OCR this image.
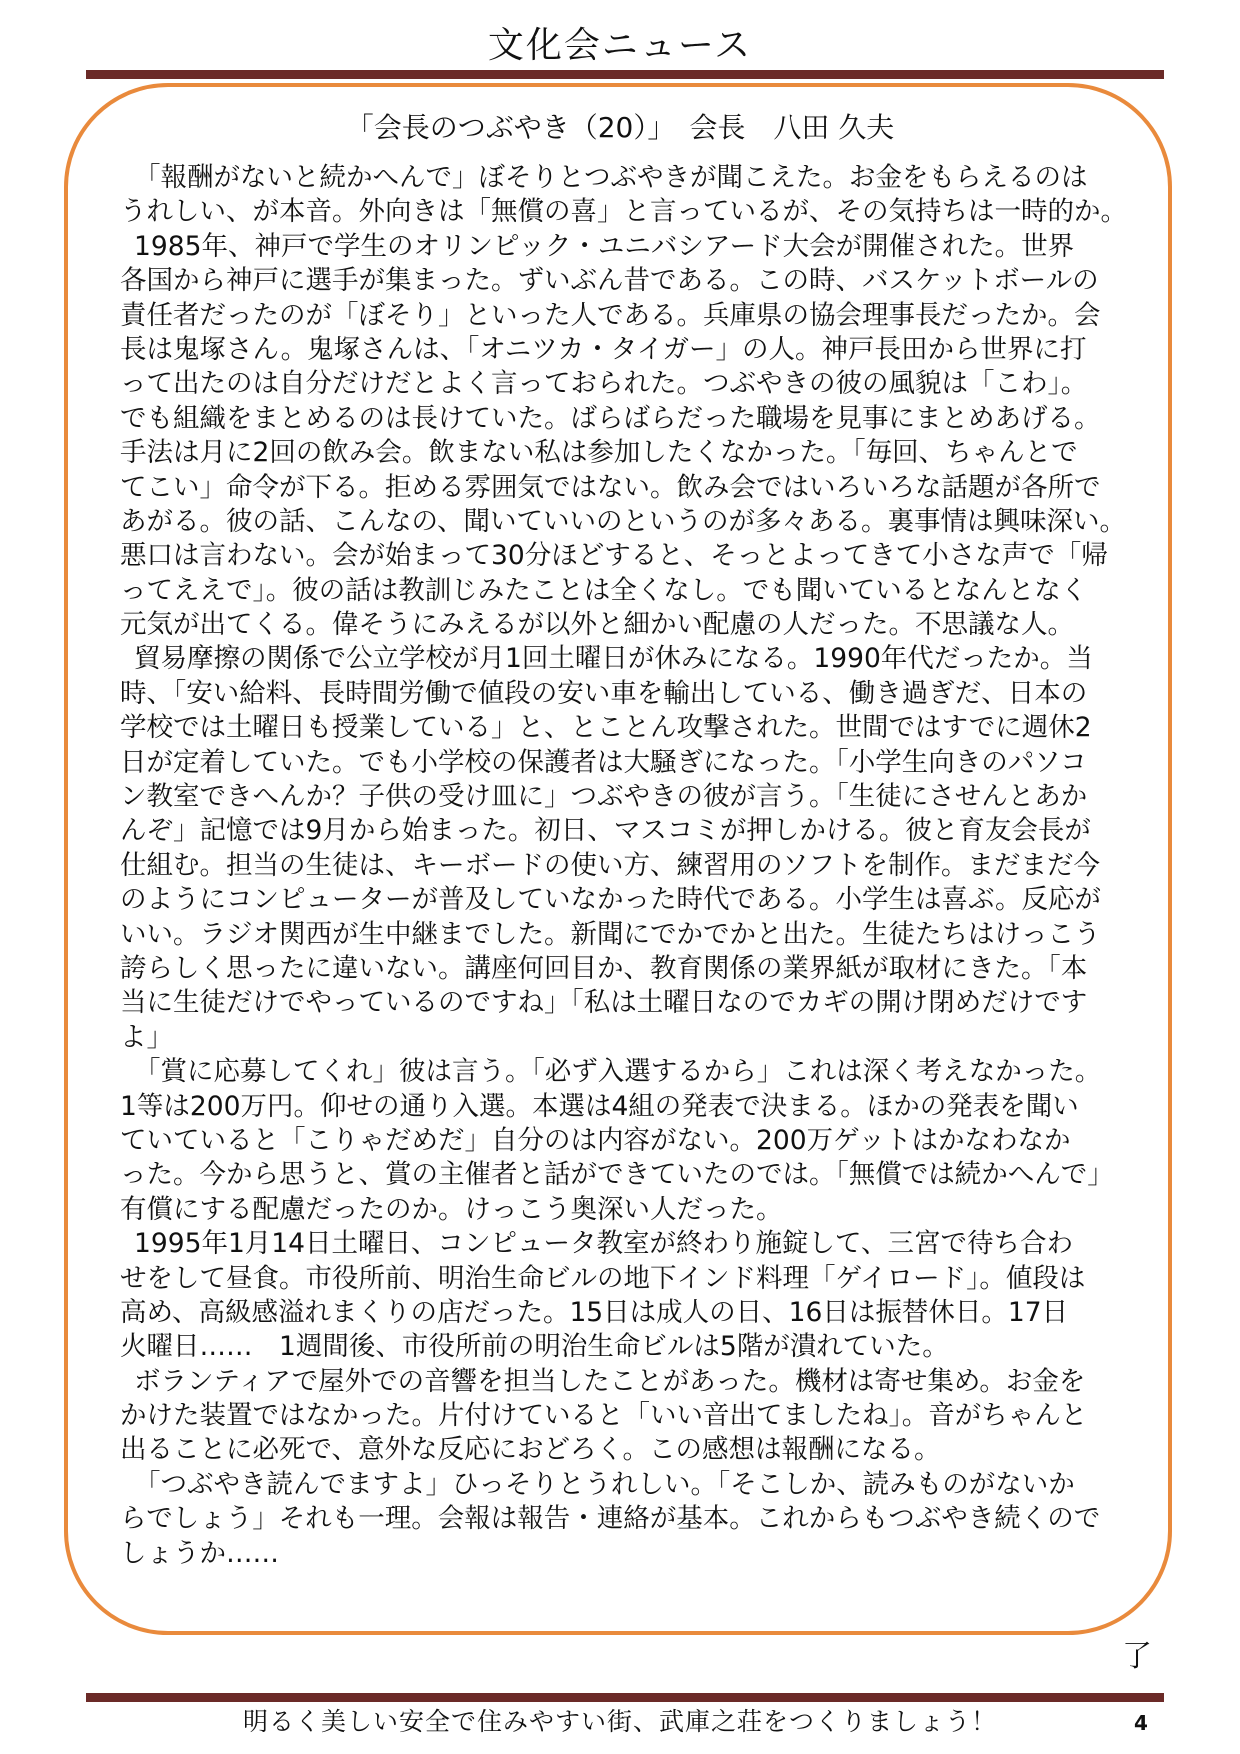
文化会ニュース
「会長のつぶやき（20）」　会長　八田 久夫
「報酬がないと続かへんで」ぼそりとつぶやきが聞こえた。お金をもらえるのは
うれしい、が本音。外向きは「無償の喜」と言っているが、その気持ちは一時的か。
1985年、神戸で学生のオリンピック・ユニバシアード大会が開催された。世界
各国から神戸に選手が集まった。ずいぶん昔である。この時、バスケットボールの
責任者だったのが「ぼそり」といった人である。兵庫県の協会理事長だったか。会
長は鬼塚さん。鬼塚さんは、「オニツカ・タイガー」の人。神戸長田から世界に打
って出たのは自分だけだとよく言っておられた。つぶやきの彼の風貌は「こわ」。
でも組織をまとめるのは長けていた。ばらばらだった職場を見事にまとめあげる。
手法は月に2回の飲み会。飲まない私は参加したくなかった。「毎回、ちゃんとで
てこい」命令が下る。拒める雰囲気ではない。飲み会ではいろいろな話題が各所で
あがる。彼の話、こんなの、聞いていいのというのが多々ある。裏事情は興味深い。
悪口は言わない。会が始まって30分ほどすると、そっとよってきて小さな声で「帰
ってええで」。彼の話は教訓じみたことは全くなし。でも聞いているとなんとなく
元気が出てくる。偉そうにみえるが以外と細かい配慮の人だった。不思議な人。
貿易摩擦の関係で公立学校が月1回土曜日が休みになる。1990年代だったか。当
時、「安い給料、長時間労働で値段の安い車を輸出している、働き過ぎだ、日本の
学校では土曜日も授業している」と、とことん攻撃された。世間ではすでに週休2
日が定着していた。でも小学校の保護者は大騒ぎになった。「小学生向きのパソコ
ン教室できへんか？子供の受け皿に」つぶやきの彼が言う。「生徒にさせんとあか
んぞ」記憶では9月から始まった。初日、マスコミが押しかける。彼と育友会長が
仕組む。担当の生徒は、キーボードの使い方、練習用のソフトを制作。まだまだ今
のようにコンピューターが普及していなかった時代である。小学生は喜ぶ。反応が
いい。ラジオ関西が生中継までした。新聞にでかでかと出た。生徒たちはけっこう
誇らしく思ったに違いない。講座何回目か、教育関係の業界紙が取材にきた。「本
当に生徒だけでやっているのですね」「私は土曜日なのでカギの開け閉めだけです
よ」
「賞に応募してくれ」彼は言う。「必ず入選するから」これは深く考えなかった。
1等は200万円。仰せの通り入選。本選は4組の発表で決まる。ほかの発表を聞い
ていていると「こりゃだめだ」自分のは内容がない。200万ゲットはかなわなか
った。今から思うと、賞の主催者と話ができていたのでは。「無償では続かへんで」
有償にする配慮だったのか。けっこう奥深い人だった。
1995年1月14日土曜日、コンピュータ教室が終わり施錠して、三宮で待ち合わ
せをして昼食。市役所前、明治生命ビルの地下インド料理「ゲイロード」。値段は
高め、高級感溢れまくりの店だった。15日は成人の日、16日は振替休日。17日
火曜日……　1週間後、市役所前の明治生命ビルは5階が潰れていた。
ボランティアで屋外での音響を担当したことがあった。機材は寄せ集め。お金を
かけた装置ではなかった。片付けていると「いい音出てましたね」。音がちゃんと
出ることに必死で、意外な反応におどろく。この感想は報酬になる。
「つぶやき読んでますよ」ひっそりとうれしい。「そこしか、読みものがないか
らでしょう」それも一理。会報は報告・連絡が基本。これからもつぶやき続くので
しょうか……
了
明るく美しい安全で住みやすい街、武庫之荘をつくりましょう！	4
